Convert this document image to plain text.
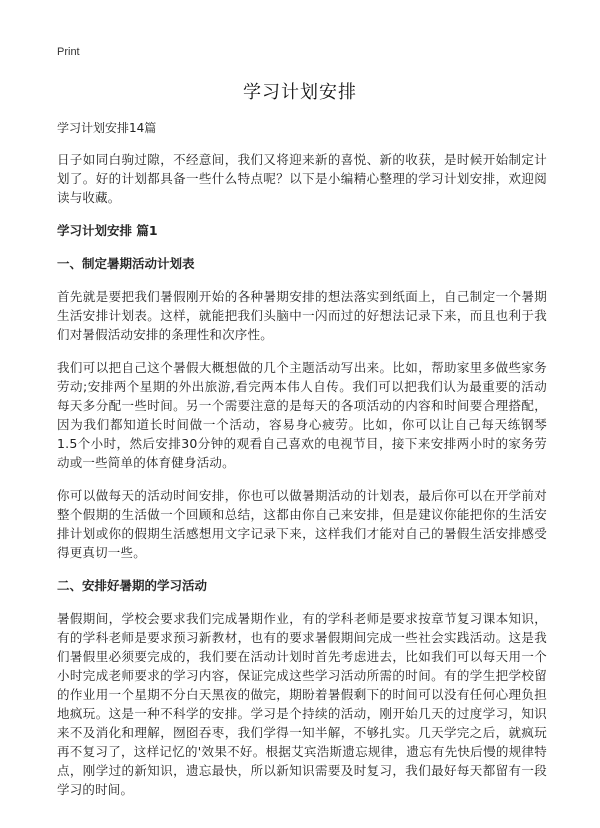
Print
学习计划安排
学习计划安排14篇

日子如同白驹过隙，不经意间，我们又将迎来新的喜悦、新的收获，是时候开始制定计划了。好的计划都具备一些什么特点呢？以下是小编精心整理的学习计划安排，欢迎阅读与收藏。

学习计划安排 篇1
一、制定暑期活动计划表

首先就是要把我们暑假刚开始的各种暑期安排的想法落实到纸面上，自己制定一个暑期生活安排计划表。这样，就能把我们头脑中一闪而过的好想法记录下来，而且也利于我们对暑假活动安排的条理性和次序性。

我们可以把自己这个暑假大概想做的几个主题活动写出来。比如，帮助家里多做些家务劳动;安排两个星期的外出旅游,看完两本伟人自传。我们可以把我们认为最重要的活动每天多分配一些时间。另一个需要注意的是每天的各项活动的内容和时间要合理搭配，因为我们都知道长时间做一个活动，容易身心疲劳。比如，你可以让自己每天练钢琴1.5个小时，然后安排30分钟的观看自己喜欢的电视节目，接下来安排两小时的家务劳动或一些简单的体育健身活动。

你可以做每天的活动时间安排，你也可以做暑期活动的计划表，最后你可以在开学前对整个假期的生活做一个回顾和总结，这都由你自己来安排，但是建议你能把你的生活安排计划或你的假期生活感想用文字记录下来，这样我们才能对自己的暑假生活安排感受得更真切一些。

二、安排好暑期的学习活动

暑假期间，学校会要求我们完成暑期作业，有的学科老师是要求按章节复习课本知识，有的学科老师是要求预习新教材，也有的要求暑假期间完成一些社会实践活动。这是我们暑假里必须要完成的，我们要在活动计划时首先考虑进去，比如我们可以每天用一个小时完成老师要求的学习内容，保证完成这些学习活动所需的时间。有的学生把学校留的作业用一个星期不分白天黑夜的做完，期盼着暑假剩下的时间可以没有任何心理负担地疯玩。这是一种不科学的安排。学习是个持续的活动，刚开始几天的过度学习，知识来不及消化和理解，囫囵吞枣，我们学得一知半解，不够扎实。几天学完之后，就疯玩再不复习了，这样记忆的'效果不好。根据艾宾浩斯遗忘规律，遗忘有先快后慢的规律特点，刚学过的新知识，遗忘最快，所以新知识需要及时复习，我们最好每天都留有一段学习的时间。
